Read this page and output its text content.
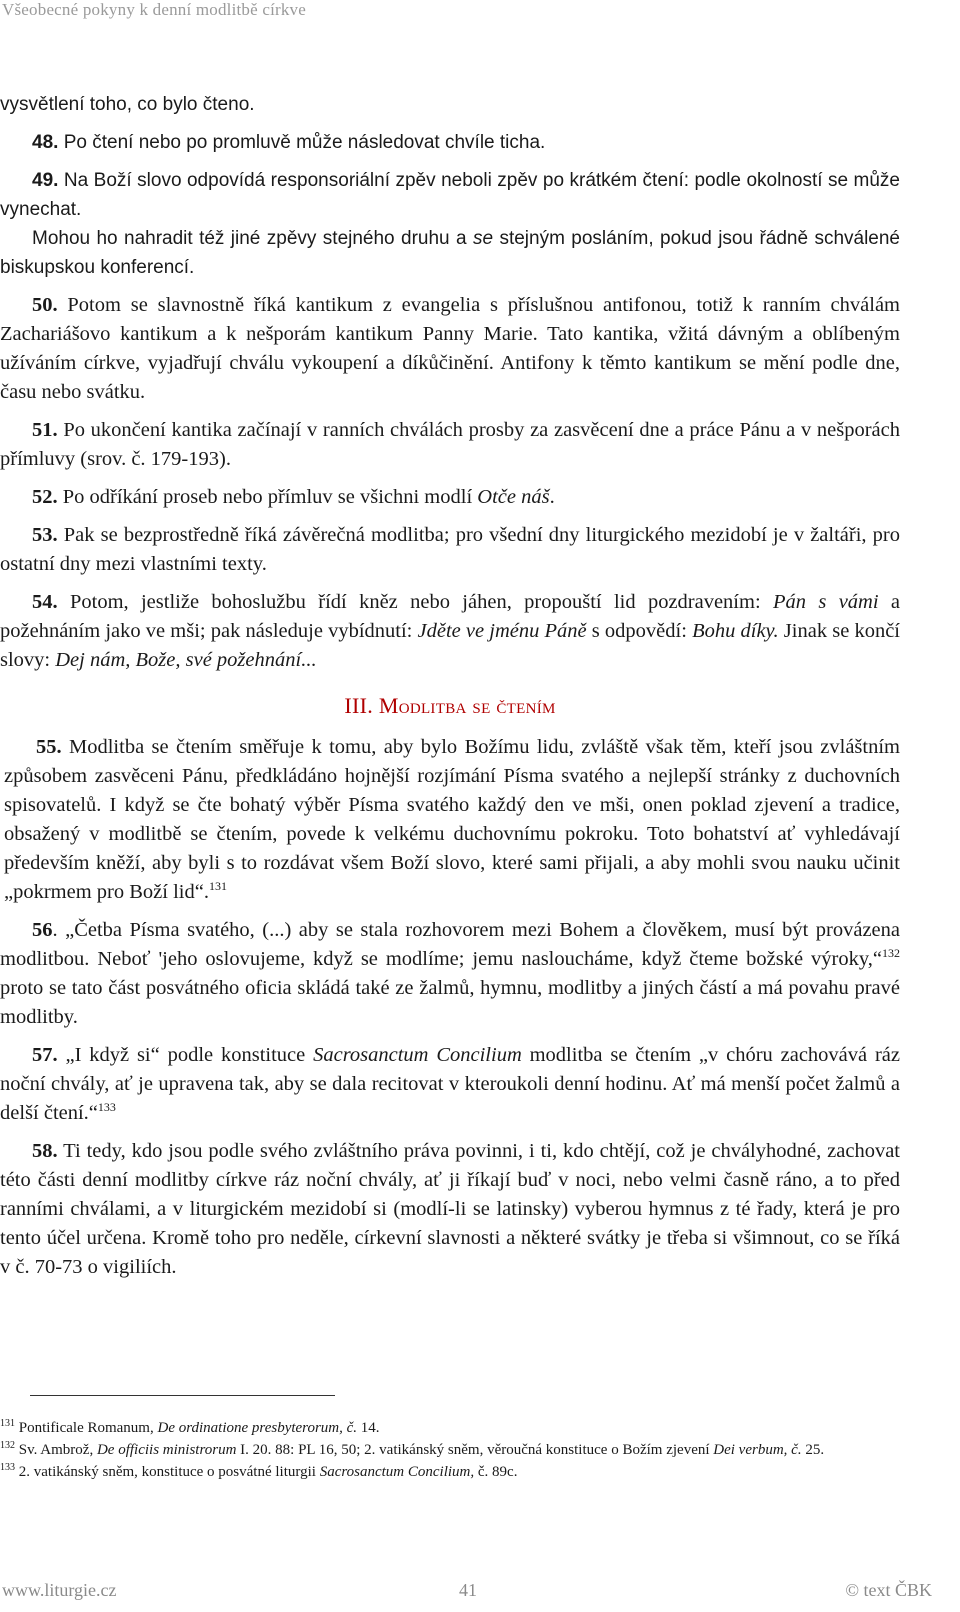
Všeobecné pokyny k denní modlitbě církve

vysvětlení toho, co bylo čteno.

48. Po čtení nebo po promluvě může následovat chvíle ticha.

49. Na Boží slovo odpovídá responsoriální zpěv neboli zpěv po krátkém čtení: podle okolností se může vynechat.

Mohou ho nahradit též jiné zpěvy stejného druhu a se stejným posláním, pokud jsou řádně schválené biskupskou konferencí.

50. Potom se slavnostně říká kantikum z evangelia s příslušnou antifonou, totiž k ranním chválám Zachariášovo kantikum a k nešporám kantikum Panny Marie. Tato kantika, vžitá dávným a oblíbeným užíváním církve, vyjadřují chválu vykoupení a díkůčinění. Antifony k těmto kantikum se mění podle dne, času nebo svátku.

51. Po ukončení kantika začínají v ranních chválách prosby za zasvěcení dne a práce Pánu a v nešporách přímluvy (srov. č. 179-193).

52. Po odříkání proseb nebo přímluv se všichni modlí Otče náš.

53. Pak se bezprostředně říká závěrečná modlitba; pro všední dny liturgického mezidobí je v žaltáři, pro ostatní dny mezi vlastními texty.

54. Potom, jestliže bohoslužbu řídí kněz nebo jáhen, propouští lid pozdravením: Pán s vámi a požehnáním jako ve mši; pak následuje vybídnutí: Jděte ve jménu Páně s odpovědí: Bohu díky. Jinak se končí slovy: Dej nám, Bože, své požehnání...

III. Modlitba se čtením

55. Modlitba se čtením směřuje k tomu, aby bylo Božímu lidu, zvláště však těm, kteří jsou zvláštním způsobem zasvěceni Pánu, předkládáno hojnější rozjímání Písma svatého a nejlepší stránky z duchovních spisovatelů. I když se čte bohatý výběr Písma svatého každý den ve mši, onen poklad zjevení a tradice, obsažený v modlitbě se čtením, povede k velkému duchovnímu pokroku. Toto bohatství ať vyhledávají především kněží, aby byli s to rozdávat všem Boží slovo, které sami přijali, a aby mohli svou nauku učinit „pokrmem pro Boží lid“.$^{131}$

56. „Četba Písma svatého, (...) aby se stala rozhovorem mezi Bohem a člověkem, musí být provázena modlitbou. Neboť 'jeho oslovujeme, když se modlíme; jemu nasloucháme, když čteme božské výroky,“$^{132}$ proto se tato část posvátného oficia skládá také ze žalmů, hymnu, modlitby a jiných částí a má povahu pravé modlitby.

57. „I když si“ podle konstituce Sacrosanctum Concilium modlitba se čtením „v chóru zachovává ráz noční chvály, ať je upravena tak, aby se dala recitovat v kteroukoli denní hodinu. Ať má menší počet žalmů a delší čtení.“$^{133}$

58. Ti tedy, kdo jsou podle svého zvláštního práva povinni, i ti, kdo chtějí, což je chvályhodné, zachovat této části denní modlitby církve ráz noční chvály, ať ji říkají buď v noci, nebo velmi časně ráno, a to před ranními chválami, a v liturgickém mezidobí si (modlí-li se latinsky) vyberou hymnus z té řady, která je pro tento účel určena. Kromě toho pro neděle, církevní slavnosti a některé svátky je třeba si všimnout, co se říká v č. 70-73 o vigiliích.

$^{131}$ Pontificale Romanum, De ordinatione presbyterorum, č. 14.
$^{132}$ Sv. Ambrož, De officiis ministrorum I. 20. 88: PL 16, 50; 2. vatikánský sněm, věroučná konstituce o Božím zjevení Dei verbum, č. 25.
$^{133}$ 2. vatikánský sněm, konstituce o posvátné liturgii Sacrosanctum Concilium, č. 89c.
www.liturgie.cz	41	© text ČBK
